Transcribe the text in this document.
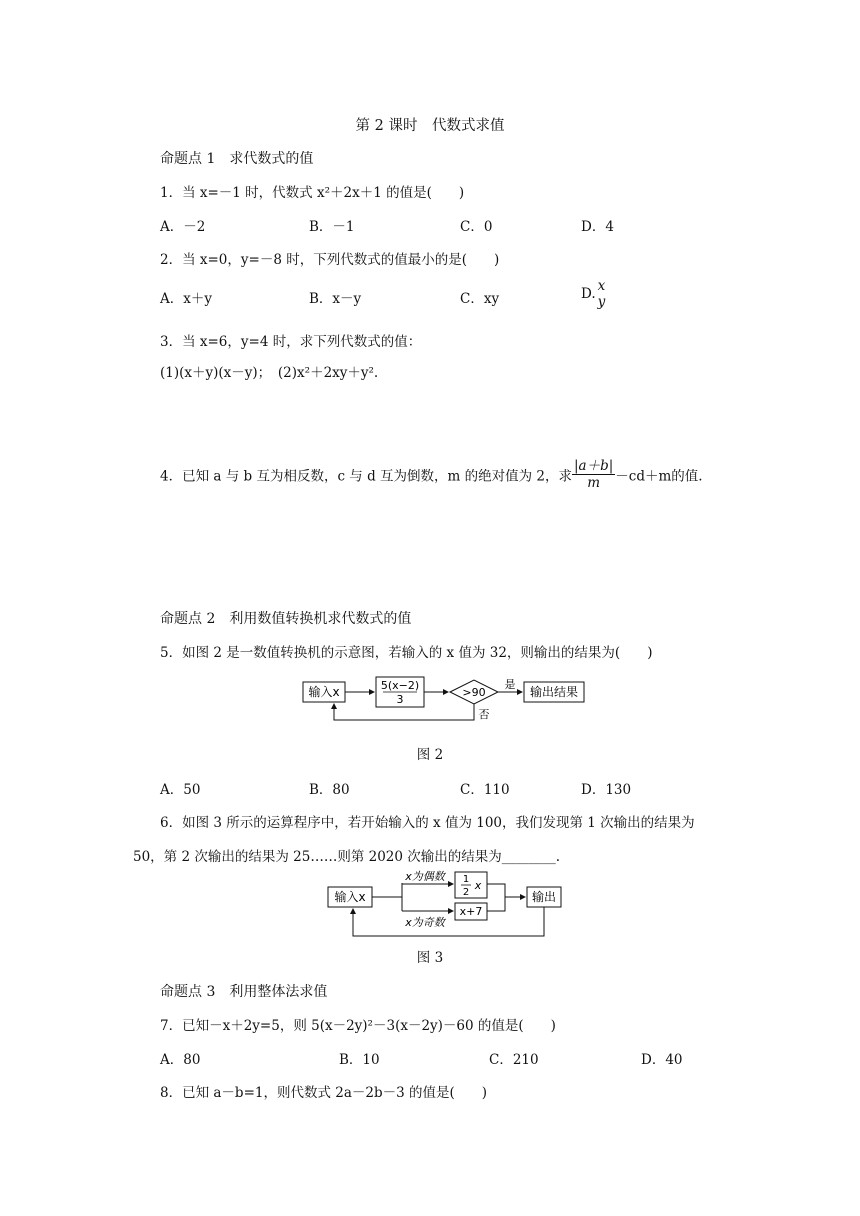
第 2 课时　代数式求值
命题点 1　求代数式的值
1．当 x=－1 时，代数式 x²＋2x＋1 的值是(　　)
A．－2	B．－1	C．0	D．4
2．当 x=0，y=－8 时，下列代数式的值最小的是(　　)
A．x＋y	B．x－y	C．xy	D. x
y
3．当 x=6，y=4 时，求下列代数式的值：
(1)(x＋y)(x－y)；　(2)x²＋2xy＋y².
4．已知 a 与 b 互为相反数，c 与 d 互为倒数，m 的绝对值为 2，求 $\frac{|a+b|}{m} -cd+m$的值.
命题点 2　利用数值转换机求代数式的值
5．如图 2 是一数值转换机的示意图，若输入的 x 值为 32，则输出的结果为(　　)
输入x	5(x−2)
3
>90
是
输出结果
否
图 2
A．50	B．80	C．110	D．130
6．如图 3 所示的运算程序中，若开始输入的 x 值为 100，我们发现第 1 次输出的结果为
50，第 2 次输出的结果为 25……则第 2020 次输出的结果为________.
输入x
x为偶数
x为奇数
1
2
x
x+7
输出
图 3
命题点 3　利用整体法求值
7．已知－x＋2y=5，则 5(x－2y)²－3(x－2y)－60 的值是(　　)
A．80	B．10	C．210	D．40
8．已知 a－b=1，则代数式 2a－2b－3 的值是(　　)
